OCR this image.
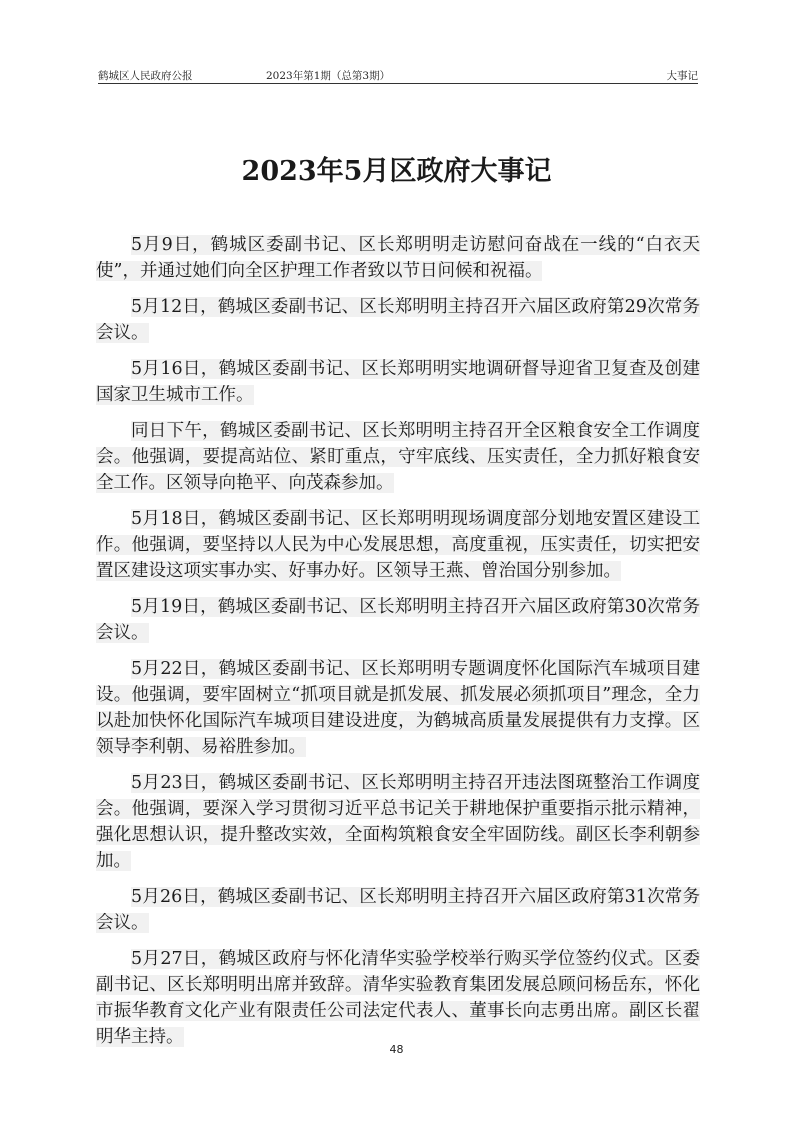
鹤城区人民政府公报	2023年第1期（总第3期）	大事记
2023年5月区政府大事记

5月9日，鹤城区委副书记、区长郑明明走访慰问奋战在一线的“白衣天使”，并通过她们向全区护理工作者致以节日问候和祝福。

5月12日，鹤城区委副书记、区长郑明明主持召开六届区政府第29次常务会议。

5月16日，鹤城区委副书记、区长郑明明实地调研督导迎省卫复查及创建国家卫生城市工作。

同日下午，鹤城区委副书记、区长郑明明主持召开全区粮食安全工作调度会。他强调，要提高站位、紧盯重点，守牢底线、压实责任，全力抓好粮食安全工作。区领导向艳平、向茂森参加。

5月18日，鹤城区委副书记、区长郑明明现场调度部分划地安置区建设工作。他强调，要坚持以人民为中心发展思想，高度重视，压实责任，切实把安置区建设这项实事办实、好事办好。区领导王燕、曾治国分别参加。

5月19日，鹤城区委副书记、区长郑明明主持召开六届区政府第30次常务会议。

5月22日，鹤城区委副书记、区长郑明明专题调度怀化国际汽车城项目建设。他强调，要牢固树立“抓项目就是抓发展、抓发展必须抓项目”理念，全力以赴加快怀化国际汽车城项目建设进度，为鹤城高质量发展提供有力支撑。区领导李利朝、易裕胜参加。

5月23日，鹤城区委副书记、区长郑明明主持召开违法图斑整治工作调度会。他强调，要深入学习贯彻习近平总书记关于耕地保护重要指示批示精神，强化思想认识，提升整改实效，全面构筑粮食安全牢固防线。副区长李利朝参加。

5月26日，鹤城区委副书记、区长郑明明主持召开六届区政府第31次常务会议。

5月27日，鹤城区政府与怀化清华实验学校举行购买学位签约仪式。区委副书记、区长郑明明出席并致辞。清华实验教育集团发展总顾问杨岳东，怀化市振华教育文化产业有限责任公司法定代表人、董事长向志勇出席。副区长翟明华主持。

48
